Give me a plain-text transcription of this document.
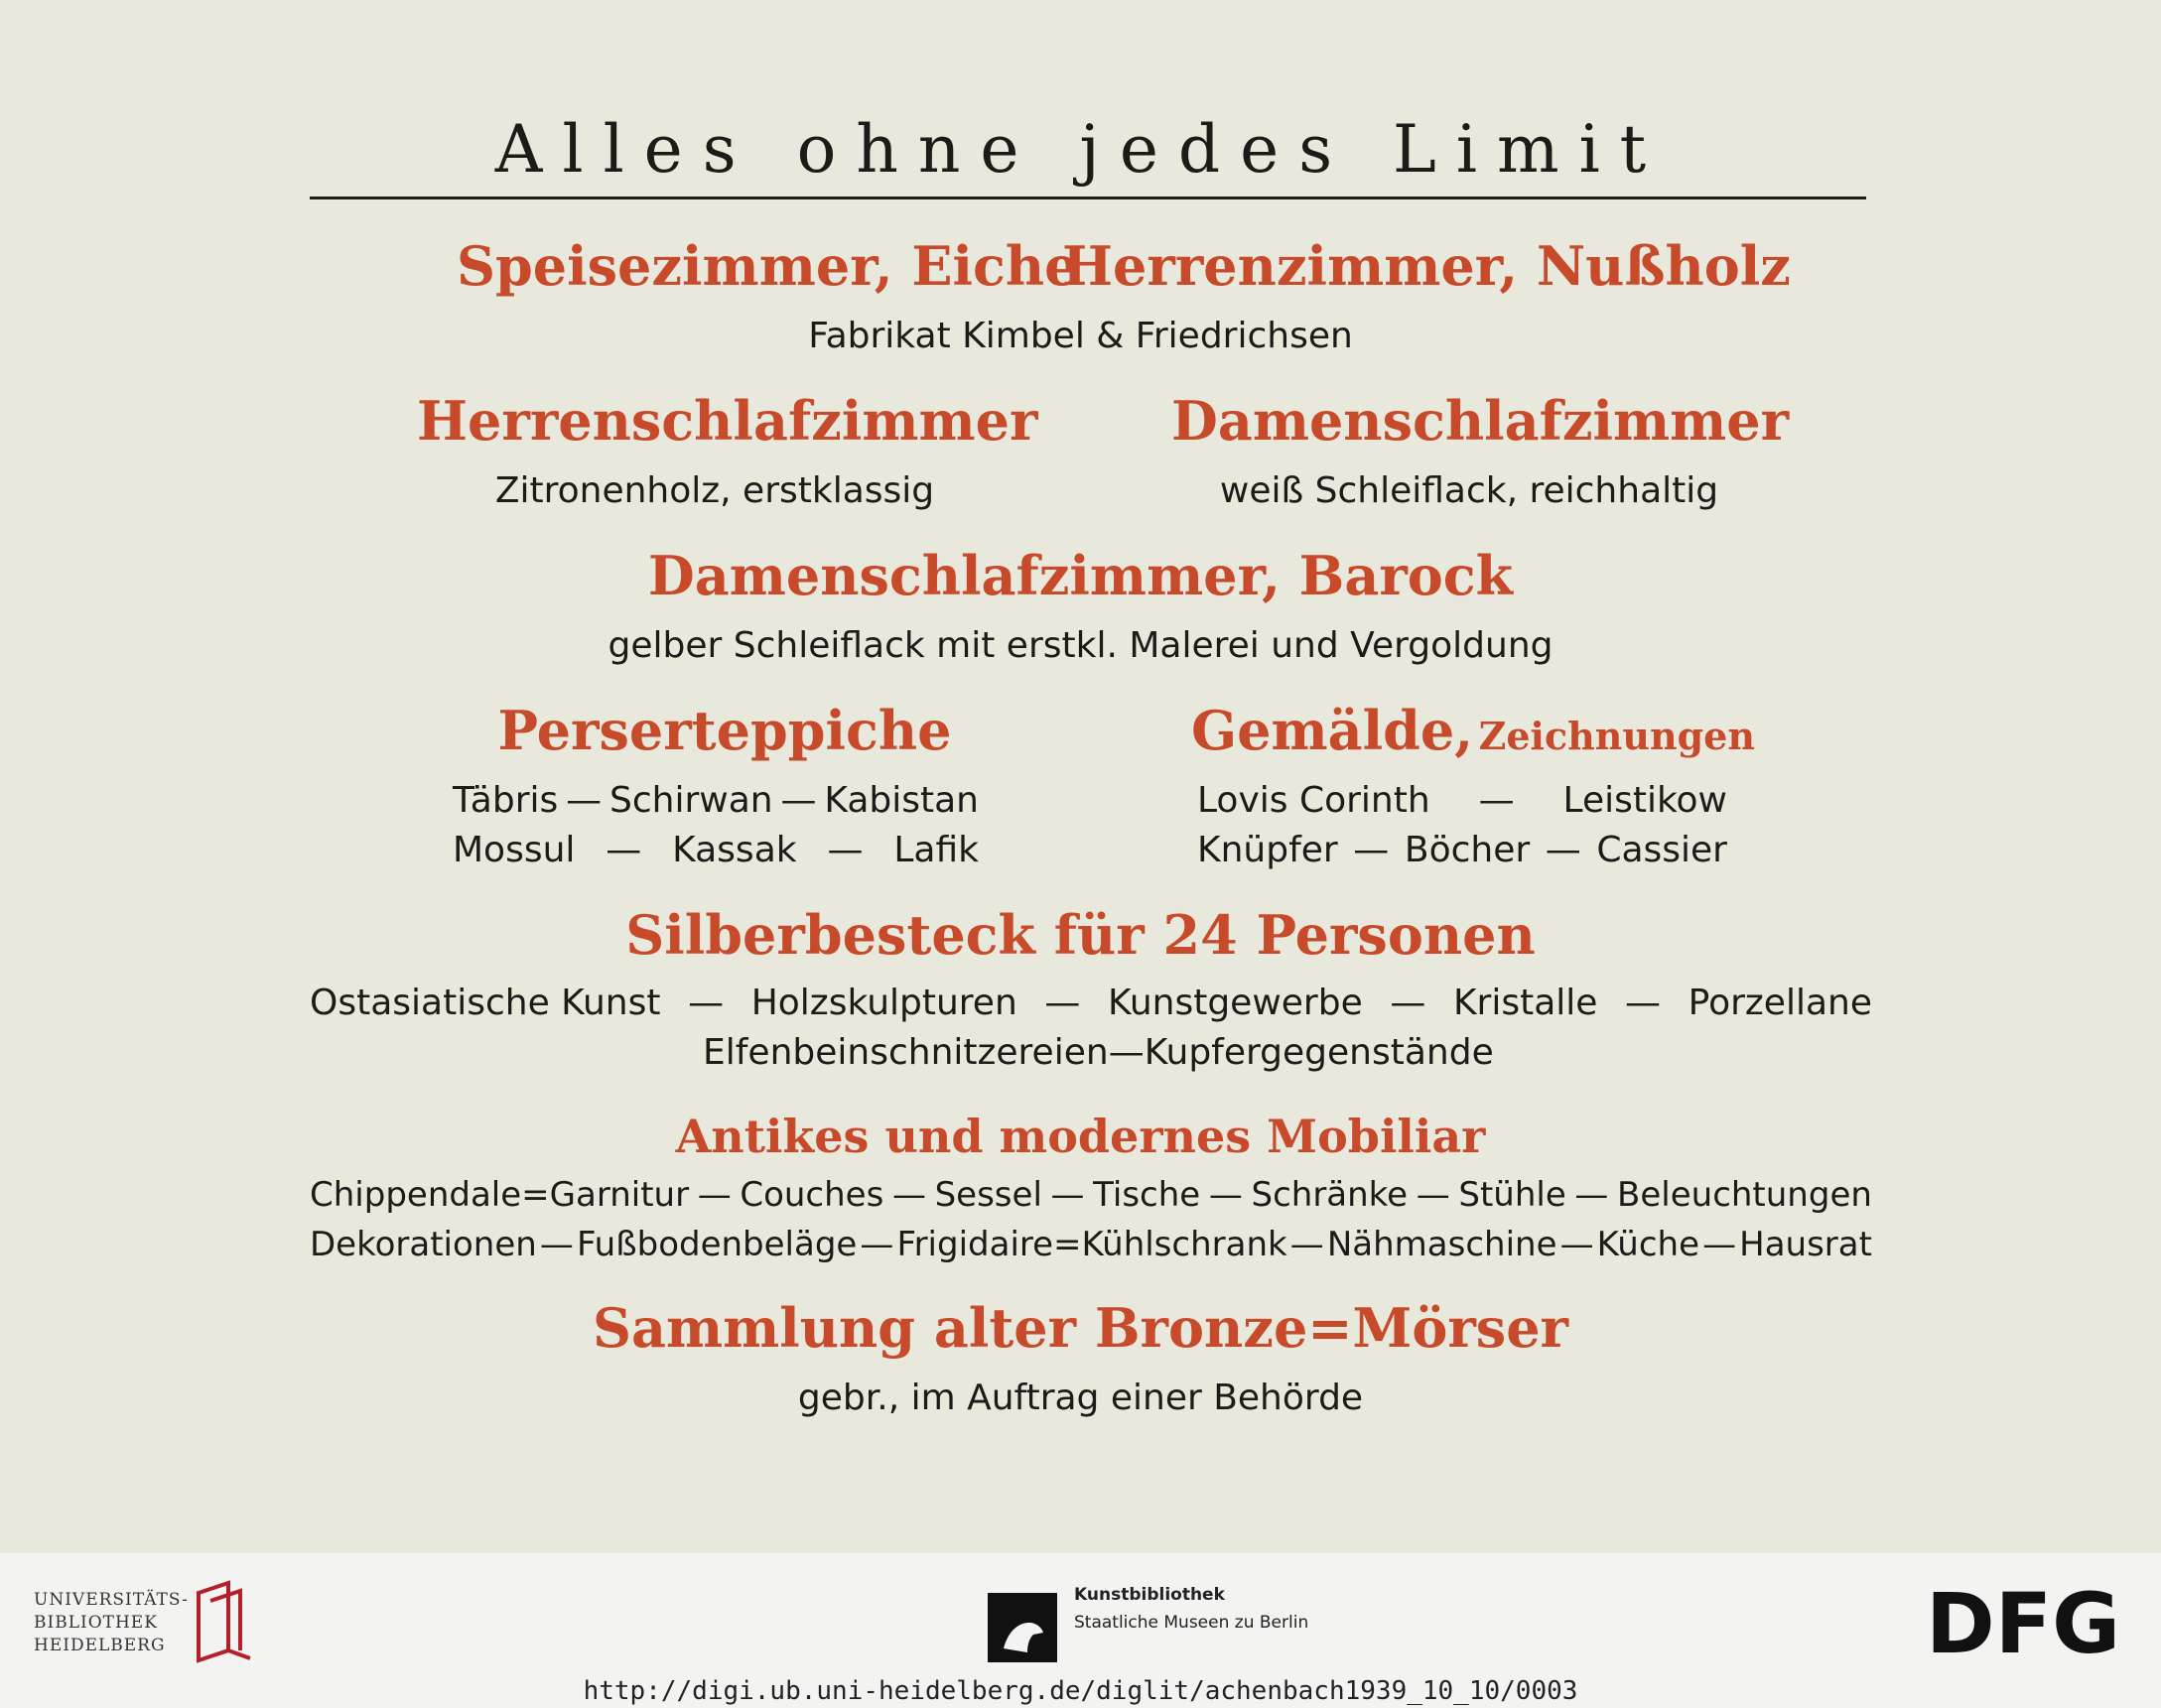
Alles ohne jedes Limit
Speisezimmer, Eiche
Herrenzimmer, Nußholz
Fabrikat Kimbel & Friedrichsen
Herrenschlafzimmer
Zitronenholz, erstklassig
Damenschlafzimmer
weiß Schleiflack, reichhaltig
Damenschlafzimmer, Barock
gelber Schleiflack mit erstkl. Malerei und Vergoldung
Perserteppiche
Täbris — Schirwan — Kabistan
Mossul — Kassak — Lafik
Gemälde, Zeichnungen
Lovis Corinth — Leistikow
Knüpfer — Böcher — Cassier
Silberbesteck für 24 Personen
Ostasiatische Kunst — Holzskulpturen — Kunstgewerbe — Kristalle — Porzellane
Elfenbeinschnitzereien — Kupfergegenstände
Antikes und modernes Mobiliar
Chippendale=Garnitur — Couches — Sessel — Tische — Schränke — Stühle — Beleuchtungen
Dekorationen — Fußbodenbeläge — Frigidaire=Kühlschrank — Nähmaschine — Küche — Hausrat
Sammlung alter Bronze=Mörser
gebr., im Auftrag einer Behörde
UNIVERSITÄTS-
BIBLIOTHEK
HEIDELBERG
Kunstbibliothek
Staatliche Museen zu Berlin	DFG
http://digi.ub.uni-heidelberg.de/diglit/achenbach1939_10_10/0003
